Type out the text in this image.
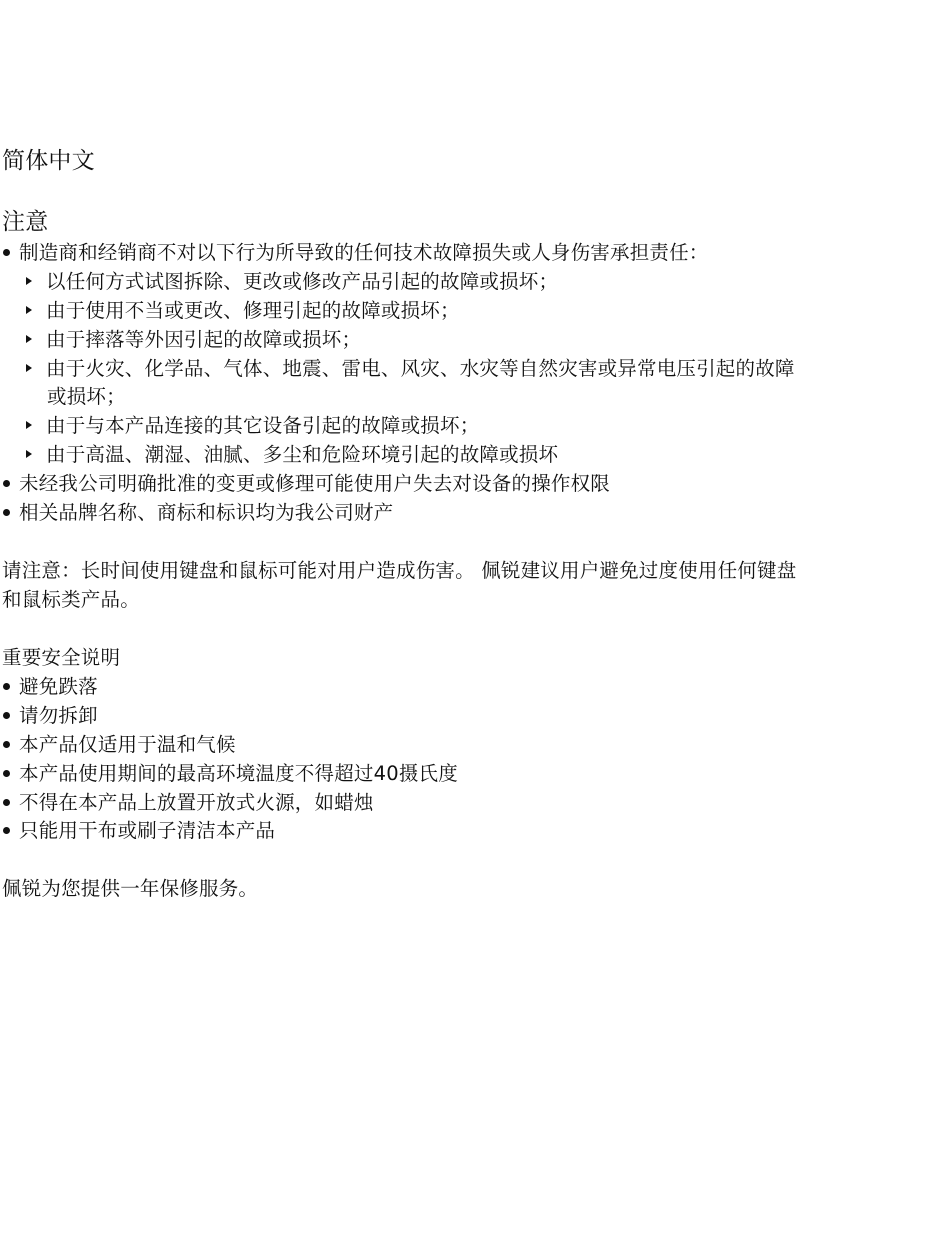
简体中文
注意
制造商和经销商不对以下行为所导致的任何技术故障损失或人身伤害承担责任：
以任何方式试图拆除、更改或修改产品引起的故障或损坏；
由于使用不当或更改、修理引起的故障或损坏；
由于摔落等外因引起的故障或损坏；
由于火灾、化学品、气体、地震、雷电、风灾、水灾等自然灾害或异常电压引起的故障
或损坏；
由于与本产品连接的其它设备引起的故障或损坏；
由于高温、潮湿、油腻、多尘和危险环境引起的故障或损坏
未经我公司明确批准的变更或修理可能使用户失去对设备的操作权限
相关品牌名称、商标和标识均为我公司财产
请注意：长时间使用键盘和鼠标可能对用户造成伤害。 佩锐建议用户避免过度使用任何键盘
和鼠标类产品。
重要安全说明
避免跌落
请勿拆卸
本产品仅适用于温和气候
本产品使用期间的最高环境温度不得超过40摄氏度
不得在本产品上放置开放式火源，如蜡烛
只能用干布或刷子清洁本产品
佩锐为您提供一年保修服务。
